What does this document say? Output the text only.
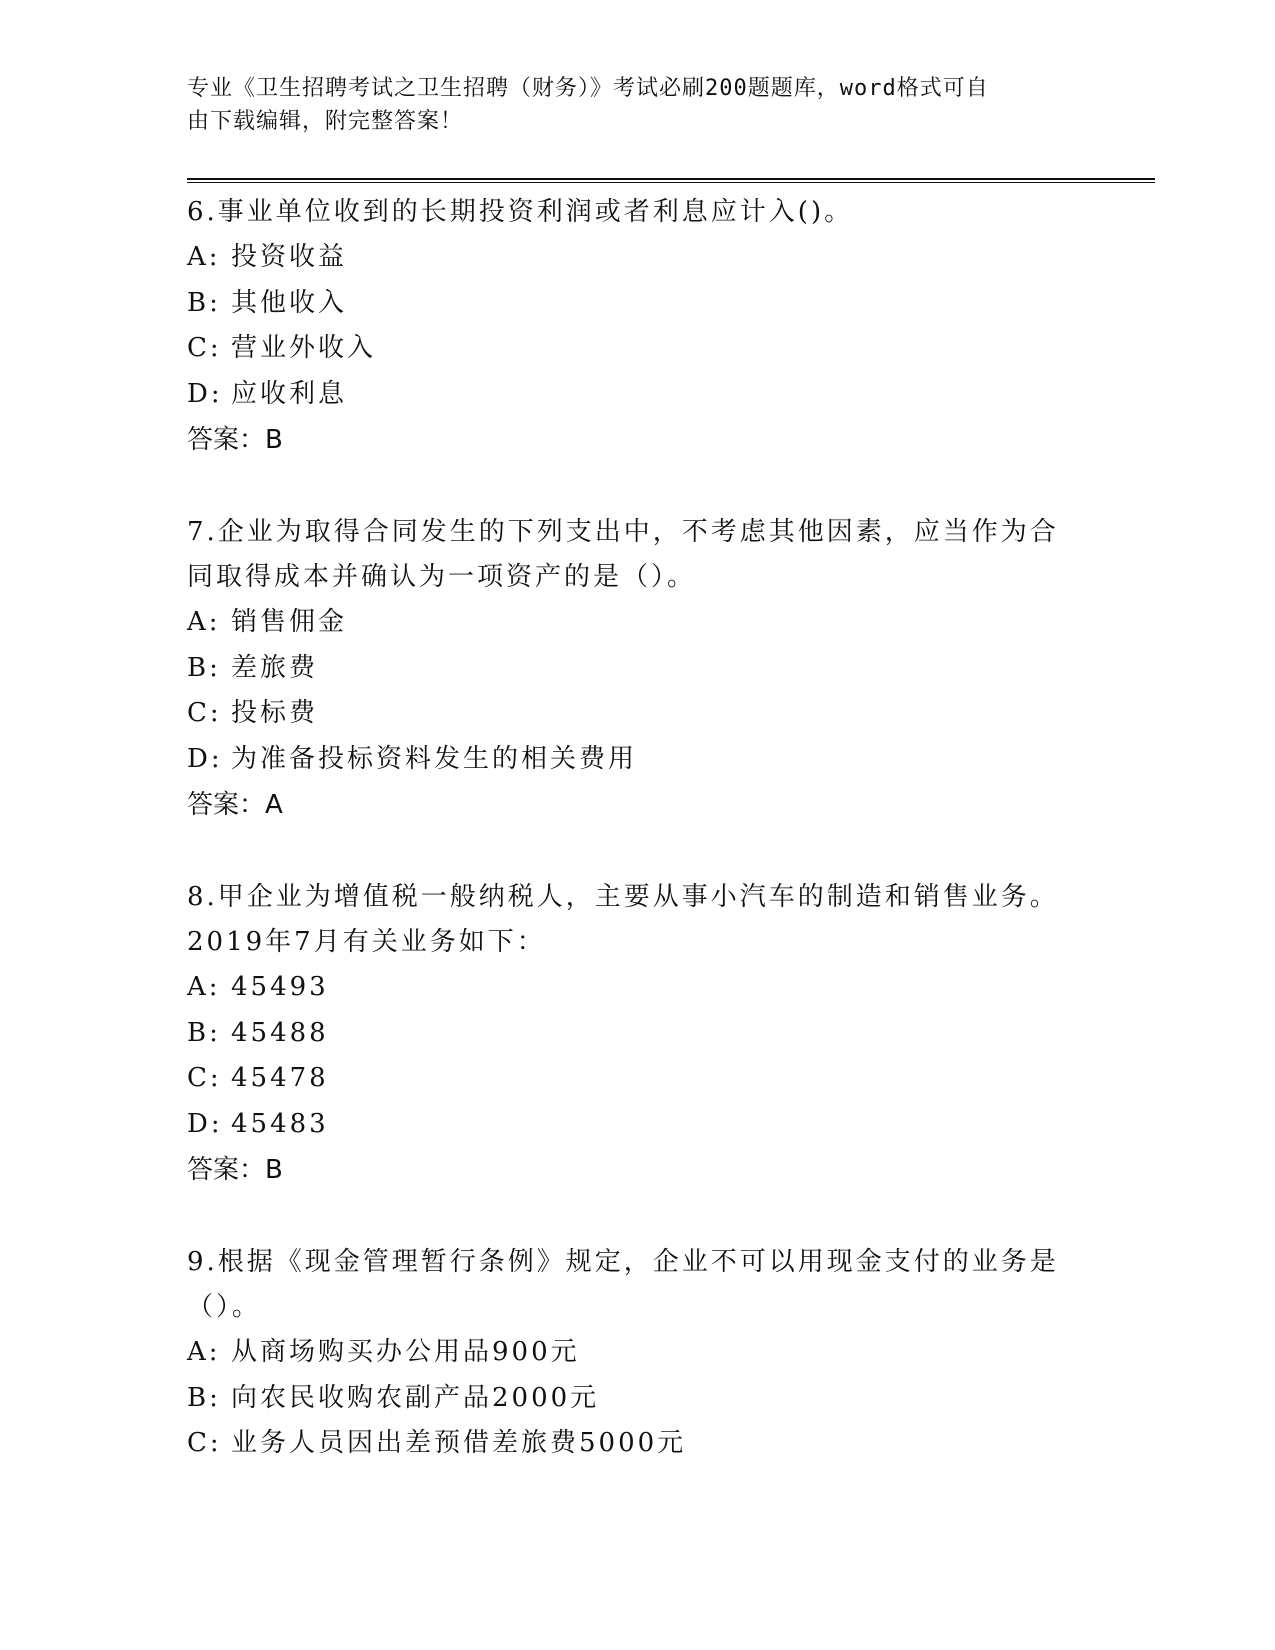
专业《卫生招聘考试之卫生招聘（财务）》考试必刷200题题库，word格式可自
由下载编辑，附完整答案！

6.事业单位收到的长期投资利润或者利息应计入()。

A: 投资收益

B: 其他收入

C: 营业外收入

D: 应收利息

答案：B

7.企业为取得合同发生的下列支出中，不考虑其他因素，应当作为合同取得成本并确认为一项资产的是（）。

A: 销售佣金

B: 差旅费

C: 投标费

D: 为准备投标资料发生的相关费用

答案：A

8.甲企业为增值税一般纳税人，主要从事小汽车的制造和销售业务。2019年7月有关业务如下：

A: 45493

B: 45488

C: 45478

D: 45483

答案：B

9.根据《现金管理暂行条例》规定，企业不可以用现金支付的业务是（）。

A: 从商场购买办公用品900元

B: 向农民收购农副产品2000元

C: 业务人员因出差预借差旅费5000元
